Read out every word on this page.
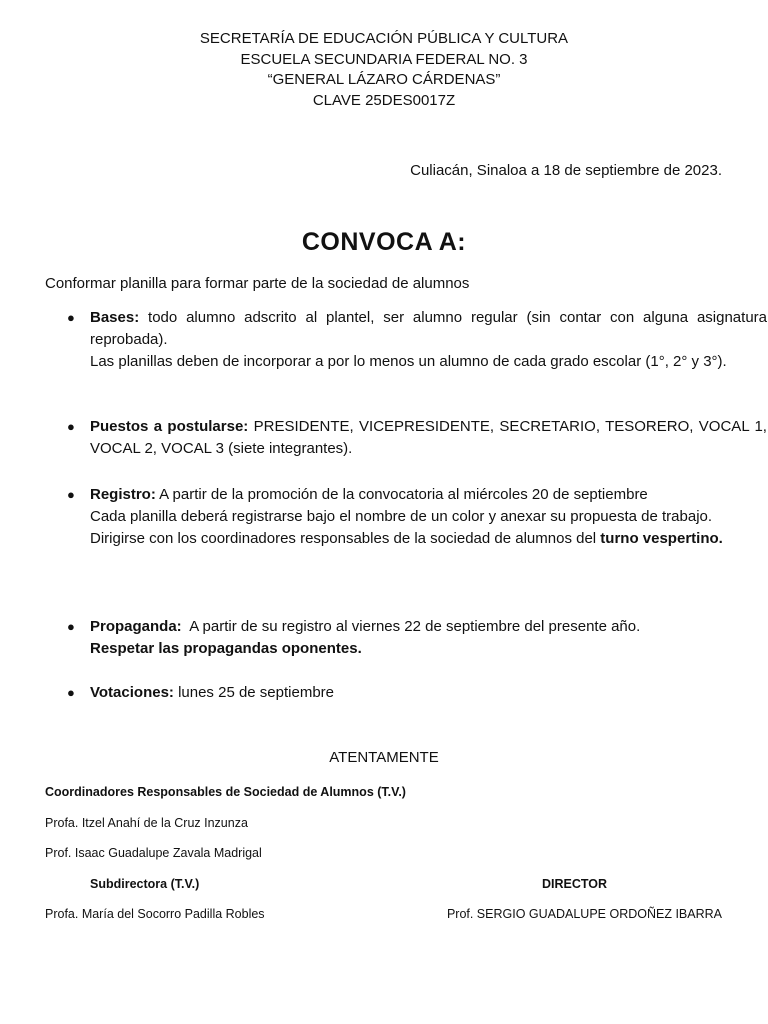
SECRETARÍA DE EDUCACIÓN PÚBLICA Y CULTURA
ESCUELA SECUNDARIA FEDERAL NO. 3
“GENERAL LÁZARO CÁRDENAS”
CLAVE 25DES0017Z
Culiacán, Sinaloa a 18 de septiembre de 2023.
CONVOCA A:
Conformar planilla para formar parte de la sociedad de alumnos
● Bases: todo alumno adscrito al plantel, ser alumno regular (sin contar con alguna asignatura reprobada).

Las planillas deben de incorporar a por lo menos un alumno de cada grado escolar (1°, 2° y 3°).

● Puestos a postularse: PRESIDENTE, VICEPRESIDENTE, SECRETARIO, TESORERO, VOCAL 1, VOCAL 2, VOCAL 3 (siete integrantes).

● Registro: A partir de la promoción de la convocatoria al miércoles 20 de septiembre

Cada planilla deberá registrarse bajo el nombre de un color y anexar su propuesta de trabajo.

Dirigirse con los coordinadores responsables de la sociedad de alumnos del turno vespertino.

● Propaganda:  A partir de su registro al viernes 22 de septiembre del presente año.

Respetar las propagandas oponentes.

● Votaciones: lunes 25 de septiembre

ATENTAMENTE
Coordinadores Responsables de Sociedad de Alumnos (T.V.)
Profa. Itzel Anahí de la Cruz Inzunza
Prof. Isaac Guadalupe Zavala Madrigal
Subdirectora (T.V.)	DIRECTOR
Profa. María del Socorro Padilla Robles	Prof. SERGIO GUADALUPE ORDOÑEZ IBARRA
